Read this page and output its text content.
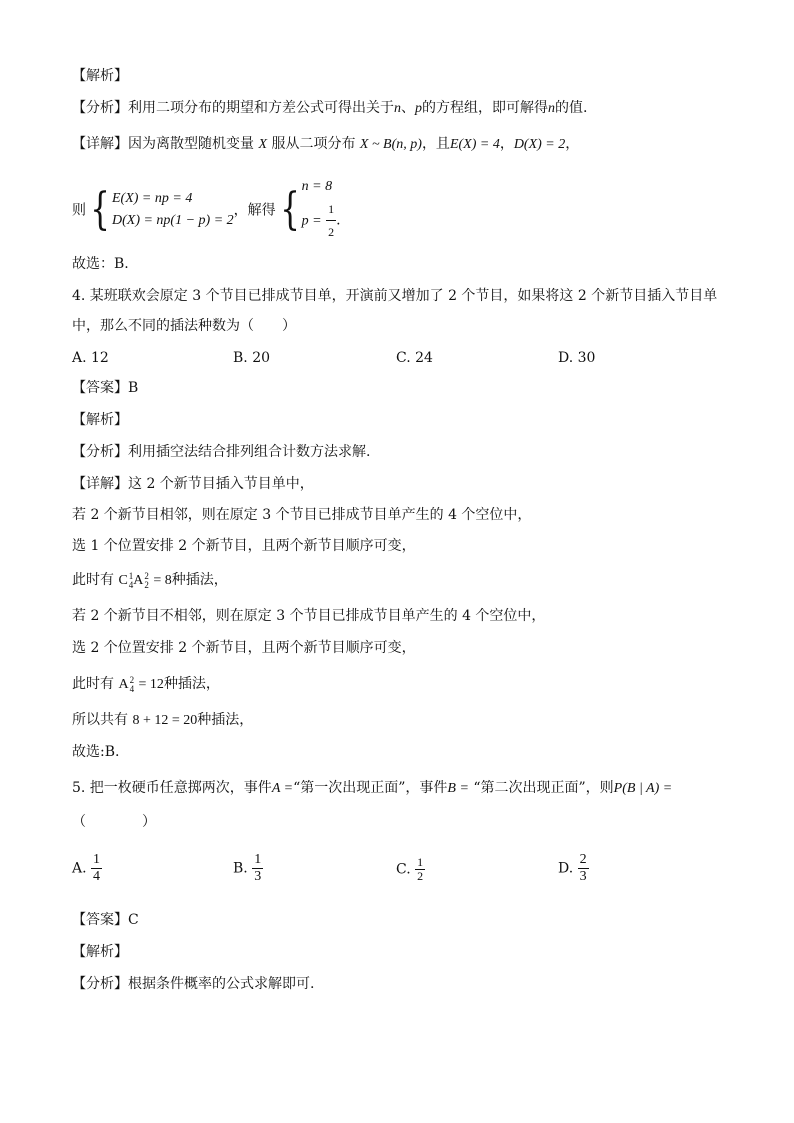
【解析】
【分析】利用二项分布的期望和方差公式可得出关于n、p的方程组，即可解得n的值.
【详解】因为离散型随机变量 X 服从二项分布 X ~ B(n, p)，且E(X) = 4，D(X) = 2，
则 { E(X) = np = 4
D(X) = np(1 − p) = 2
，解得 { n = 8
$p = \frac{1}{2}$ .
故选：B.
4. 某班联欢会原定 3 个节目已排成节目单，开演前又增加了 2 个节目，如果将这 2 个新节目插入节目单
中，那么不同的插法种数为（　　）
A. 12	B. 20	C. 24	D. 30
【答案】B
【解析】
【分析】利用插空法结合排列组合计数方法求解.
【详解】这 2 个新节目插入节目单中，
若 2 个新节目相邻，则在原定 3 个节目已排成节目单产生的 4 个空位中，
选 1 个位置安排 2 个新节目，且两个新节目顺序可变，
此时有 C 1
4 A 2
2 = 8种插法，
若 2 个新节目不相邻，则在原定 3 个节目已排成节目单产生的 4 个空位中，
选 2 个位置安排 2 个新节目，且两个新节目顺序可变，
此时有 A 2
4 = 12种插法，
所以共有 8 + 12 = 20种插法，
故选:B.
5. 把一枚硬币任意掷两次，事件A =“第一次出现正面”，事件B = “第二次出现正面”，则P(B | A) =
（　　　　）
A. $\frac{1}{4}$	B. $\frac{1}{3}$	C. $\frac{1}{2}$	D. $\frac{2}{3}$
【答案】C
【解析】
【分析】根据条件概率的公式求解即可.
